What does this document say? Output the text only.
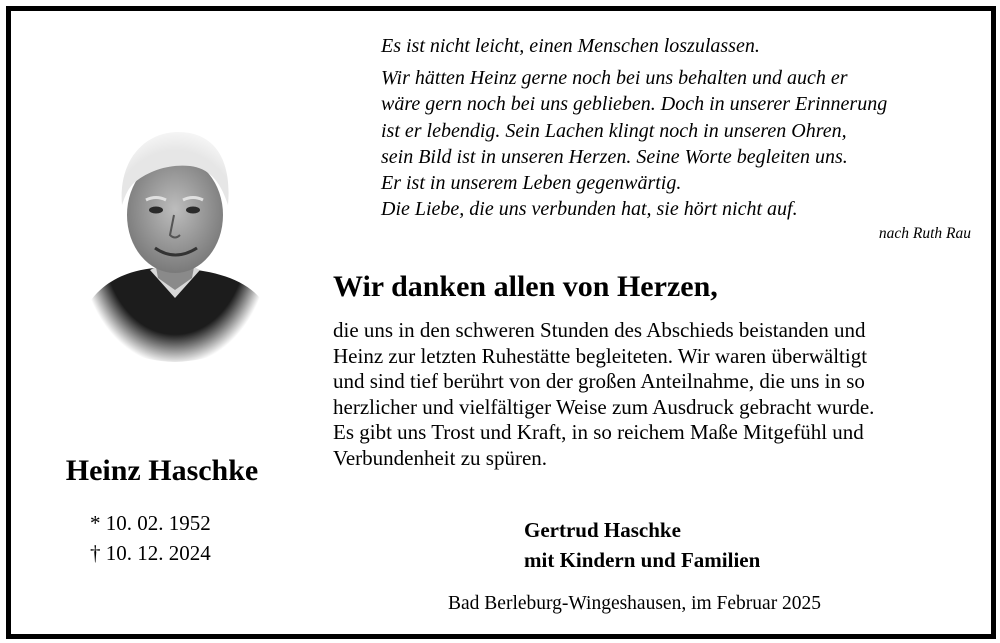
Es ist nicht leicht, einen Menschen loszulassen.
Wir hätten Heinz gerne noch bei uns behalten und auch er
wäre gern noch bei uns geblieben. Doch in unserer Erinnerung
ist er lebendig. Sein Lachen klingt noch in unseren Ohren,
sein Bild ist in unseren Herzen. Seine Worte begleiten uns.
Er ist in unserem Leben gegenwärtig.
Die Liebe, die uns verbunden hat, sie hört nicht auf.
nach Ruth Rau
Wir danken allen von Herzen,
die uns in den schweren Stunden des Abschieds beistanden und
Heinz zur letzten Ruhestätte begleiteten. Wir waren überwältigt
und sind tief berührt von der großen Anteilnahme, die uns in so
herzlicher und vielfältiger Weise zum Ausdruck gebracht wurde.
Es gibt uns Trost und Kraft, in so reichem Maße Mitgefühl und
Verbundenheit zu spüren.
Heinz Haschke
* 10. 02. 1952
† 10. 12. 2024
Gertrud Haschke
mit Kindern und Familien
Bad Berleburg-Wingeshausen, im Februar 2025
